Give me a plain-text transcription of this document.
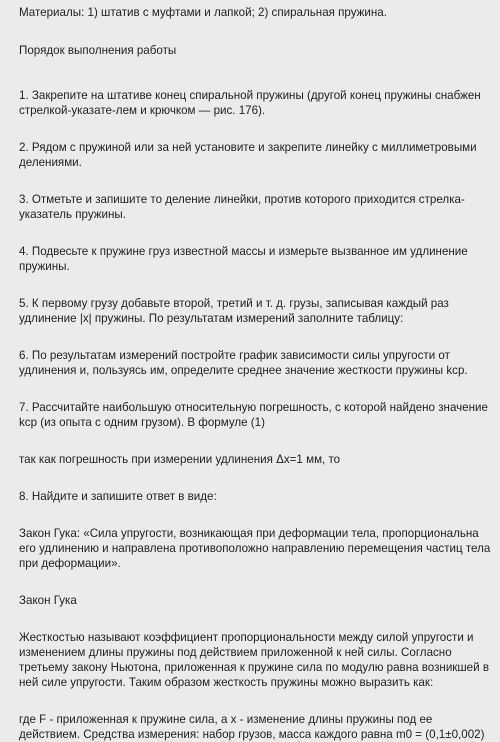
Материалы: 1) штатив с муфтами и лапкой; 2) спиральная пружина.

Порядок выполнения работы

1. Закрепите на штативе конец спиральной пружины (другой конец пружины снабжен стрелкой-указате-лем и крючком — рис. 176).

2. Рядом с пружиной или за ней установите и закрепите линейку с миллиметровыми делениями.

3. Отметьте и запишите то деление линейки, против которого приходится стрелка-указатель пружины.

4. Подвесьте к пружине груз известной массы и измерьте вызванное им удлинение пружины.

5. К первому грузу добавьте второй, третий и т. д. грузы, записывая каждый раз удлинение |x| пружины. По результатам измерений заполните таблицу:

6. По результатам измерений постройте график зависимости силы упругости от удлинения и, пользуясь им, определите среднее значение жесткости пружины kср.

7. Рассчитайте наибольшую относительную погрешность, с которой найдено значение kср (из опыта с одним грузом). В формуле (1)

так как погрешность при измерении удлинения Δx=1 мм, то

8. Найдите и запишите ответ в виде:

Закон Гука: «Сила упругости, возникающая при деформации тела, пропорциональна его удлинению и направлена противоположно направлению перемещения частиц тела при деформации».

Закон Гука

Жесткостью называют коэффициент пропорциональности между силой упругости и изменением длины пружины под действием приложенной к ней силы. Согласно третьему закону Ньютона, приложенная к пружине сила по модулю равна возникшей в ней силе упругости. Таким образом жесткость пружины можно выразить как:

где F - приложенная к пружине сила, а x - изменение длины пружины под ее действием. Средства измерения: набор грузов, масса каждого равна m0 = (0,1±0,002)
